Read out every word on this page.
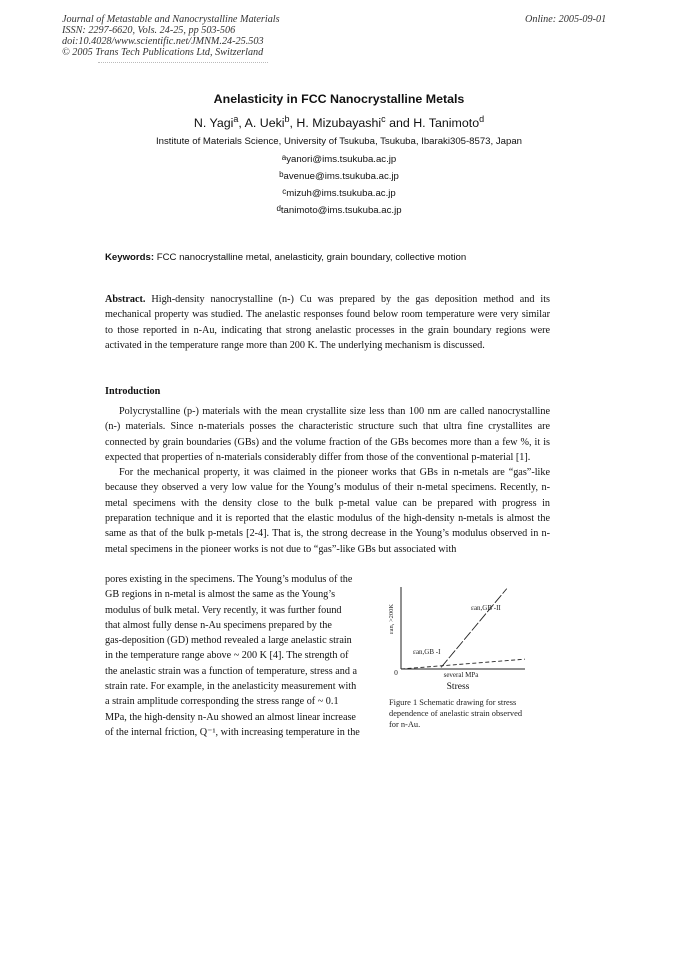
Journal of Metastable and Nanocrystalline Materials
ISSN: 2297-6620, Vols. 24-25, pp 503-506
doi:10.4028/www.scientific.net/JMNM.24-25.503
© 2005 Trans Tech Publications Ltd, Switzerland
Online: 2005-09-01
Anelasticity in FCC Nanocrystalline Metals
N. Yagi$^a$, A. Ueki$^b$, H. Mizubayashi$^c$ and H. Tanimoto$^d$
Institute of Materials Science, University of Tsukuba, Tsukuba, Ibaraki305-8573, Japan
$^a$yanori@ims.tsukuba.ac.jp
$^b$avenue@ims.tsukuba.ac.jp
$^c$mizuh@ims.tsukuba.ac.jp
$^d$tanimoto@ims.tsukuba.ac.jp
Keywords: FCC nanocrystalline metal, anelasticity, grain boundary, collective motion

Abstract. High-density nanocrystalline (n-) Cu was prepared by the gas deposition method and its mechanical property was studied. The anelastic responses found below room temperature were very similar to those reported in n-Au, indicating that strong anelastic processes in the grain boundary regions were activated in the temperature range more than 200 K. The underlying mechanism is discussed.

Introduction

Polycrystalline (p-) materials with the mean crystallite size less than 100 nm are called nanocrystalline (n-) materials. Since n-materials posses the characteristic structure such that ultra fine crystallites are connected by grain boundaries (GBs) and the volume fraction of the GBs becomes more than a few %, it is expected that properties of n-materials considerably differ from those of the conventional p-material [1].

For the mechanical property, it was claimed in the pioneer works that GBs in n-metals are “gas”-like because they observed a very low value for the Young’s modulus of their n-metal specimens. Recently, n-metal specimens with the density close to the bulk p-metal value can be prepared with progress in preparation technique and it is reported that the elastic modulus of the high-density n-metals is almost the same as that of the bulk p-metals [2-4]. That is, the strong decrease in the Young’s modulus observed in n-metal specimens in the pioneer works is not due to “gas”-like GBs but associated with

pores existing in the specimens. The Young’s modulus of the

GB regions in n-metal is almost the same as the Young’s

modulus of bulk metal. Very recently, it was further found

that almost fully dense n-Au specimens prepared by the

gas-deposition (GD) method revealed a large anelastic strain

in the temperature range above ~ 200 K [4]. The strength of

the anelastic strain was a function of temperature, stress and a

strain rate. For example, in the anelasticity measurement with

a strain amplitude corresponding the stress range of ~ 0.1

MPa, the high-density n-Au showed an almost linear increase

of the internal friction, Q⁻¹, with increasing temperature in the

εan, >200K
0	several MPa
εan,GB -II
εan,GB -I
Stress
Figure 1 Schematic drawing for stress dependence of anelastic strain observed for n-Au.
